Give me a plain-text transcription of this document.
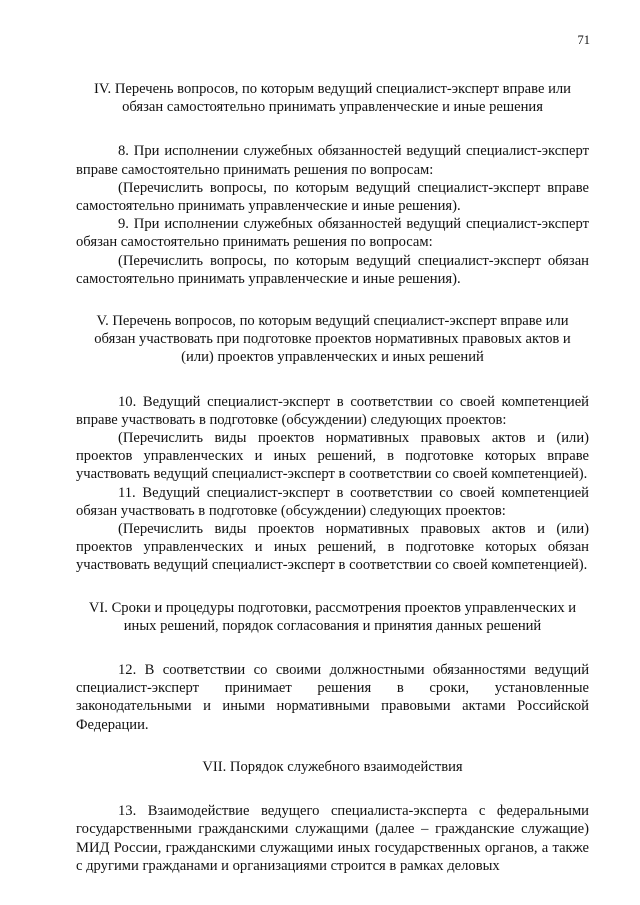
71

IV. Перечень вопросов, по которым ведущий специалист-эксперт вправе или обязан самостоятельно принимать управленческие и иные решения

8. При исполнении служебных обязанностей ведущий специалист-эксперт вправе самостоятельно принимать решения по вопросам:

(Перечислить вопросы, по которым ведущий специалист-эксперт вправе самостоятельно принимать управленческие и иные решения).

9. При исполнении служебных обязанностей ведущий специалист-эксперт обязан самостоятельно принимать решения по вопросам:

(Перечислить вопросы, по которым ведущий специалист-эксперт обязан самостоятельно принимать управленческие и иные решения).

V. Перечень вопросов, по которым ведущий специалист-эксперт вправе или обязан участвовать при подготовке проектов нормативных правовых актов и (или) проектов управленческих и иных решений

10. Ведущий специалист-эксперт в соответствии со своей компетенцией вправе участвовать в подготовке (обсуждении) следующих проектов:

(Перечислить виды проектов нормативных правовых актов и (или) проектов управленческих и иных решений, в подготовке которых вправе участвовать ведущий специалист-эксперт в соответствии со своей компетенцией).

11. Ведущий специалист-эксперт в соответствии со своей компетенцией обязан участвовать в подготовке (обсуждении) следующих проектов:

(Перечислить виды проектов нормативных правовых актов и (или) проектов управленческих и иных решений, в подготовке которых обязан участвовать ведущий специалист-эксперт в соответствии со своей компетенцией).

VI. Сроки и процедуры подготовки, рассмотрения проектов управленческих и иных решений, порядок согласования и принятия данных решений

12. В соответствии со своими должностными обязанностями ведущий специалист-эксперт принимает решения в сроки, установленные законодательными и иными нормативными правовыми актами Российской Федерации.

VII. Порядок служебного взаимодействия

13. Взаимодействие ведущего специалиста-эксперта с федеральными государственными гражданскими служащими (далее – гражданские служащие) МИД России, гражданскими служащими иных государственных органов, а также с другими гражданами и организациями строится в рамках деловых
